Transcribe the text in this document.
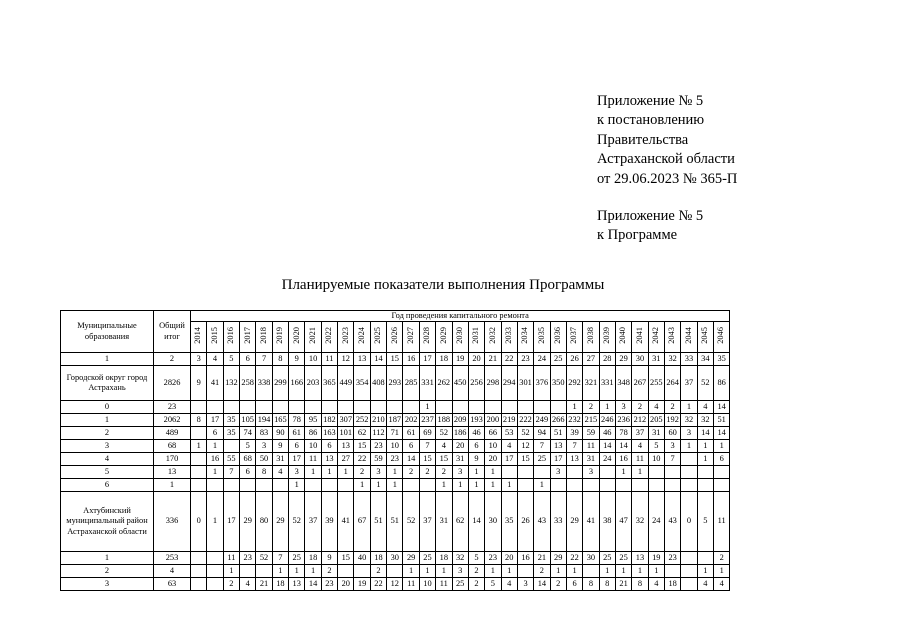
Приложение № 5
к постановлению
Правительства
Астраханской области
от 29.06.2023 № 365-П
Приложение № 5
к Программе
Планируемые показатели выполнения Программы
Муниципальные образования	Общий итог	Год проведения капитального ремонта																																
		2014	2015	2016	2017	2018	2019	2020	2021	2022	2023	2024	2025	2026	2027	2028	2029	2030	2031	2032	2033	2034	2035	2036	2037	2038	2039	2040	2041	2042	2043	2044	2045	2046
1	2	3	4	5	6	7	8	9	10	11	12	13	14	15	16	17	18	19	20	21	22	23	24	25	26	27	28	29	30	31	32	33	34	35
Городской округ город Астрахань	2826	9	41	132	258	338	299	166	203	365	449	354	408	293	285	331	262	450	256	298	294	301	376	350	292	321	331	348	267	255	264	37	52	86
0	23															1									1	2	1	3	2	4	2	1	4	14
1	2062	8	17	35	105	194	165	78	95	182	307	252	210	187	202	237	188	209	193	200	219	222	249	266	232	215	246	236	212	205	192	32	32	51
2	489		6	35	74	83	90	61	86	163	101	62	112	71	61	69	52	186	46	66	53	52	94	51	39	59	46	78	37	31	60	3	14	14
3	68	1	1		5	3	9	6	10	6	13	15	23	10	6	7	4	20	6	10	4	12	7	13	7	11	14	14	4	5	3	1	1	1
4	170		16	55	68	50	31	17	11	13	27	22	59	23	14	15	15	31	9	20	17	15	25	17	13	31	24	16	11	10	7		1	6
5	13		1	7	6	8	4	3	1	1	1	2	3	1	2	2	2	3	1	1				3		3		1	1					
6	1							1				1	1	1			1	1	1	1	1		1											
Ахтубинский муниципальный район Астраханской области	336	0	1	17	29	80	29	52	37	39	41	67	51	51	52	37	31	62	14	30	35	26	43	33	29	41	38	47	32	24	43	0	5	11
1	253			11	23	52	7	25	18	9	15	40	18	30	29	25	18	32	5	23	20	16	21	29	22	30	25	25	13	19	23			2
2	4			1			1	1	1	2			2		1	1	1	3	2	1	1		2	1	1		1	1	1	1			1	1
3	63			2	4	21	18	13	14	23	20	19	22	12	11	10	11	25	2	5	4	3	14	2	6	8	8	21	8	4	18		4	4
